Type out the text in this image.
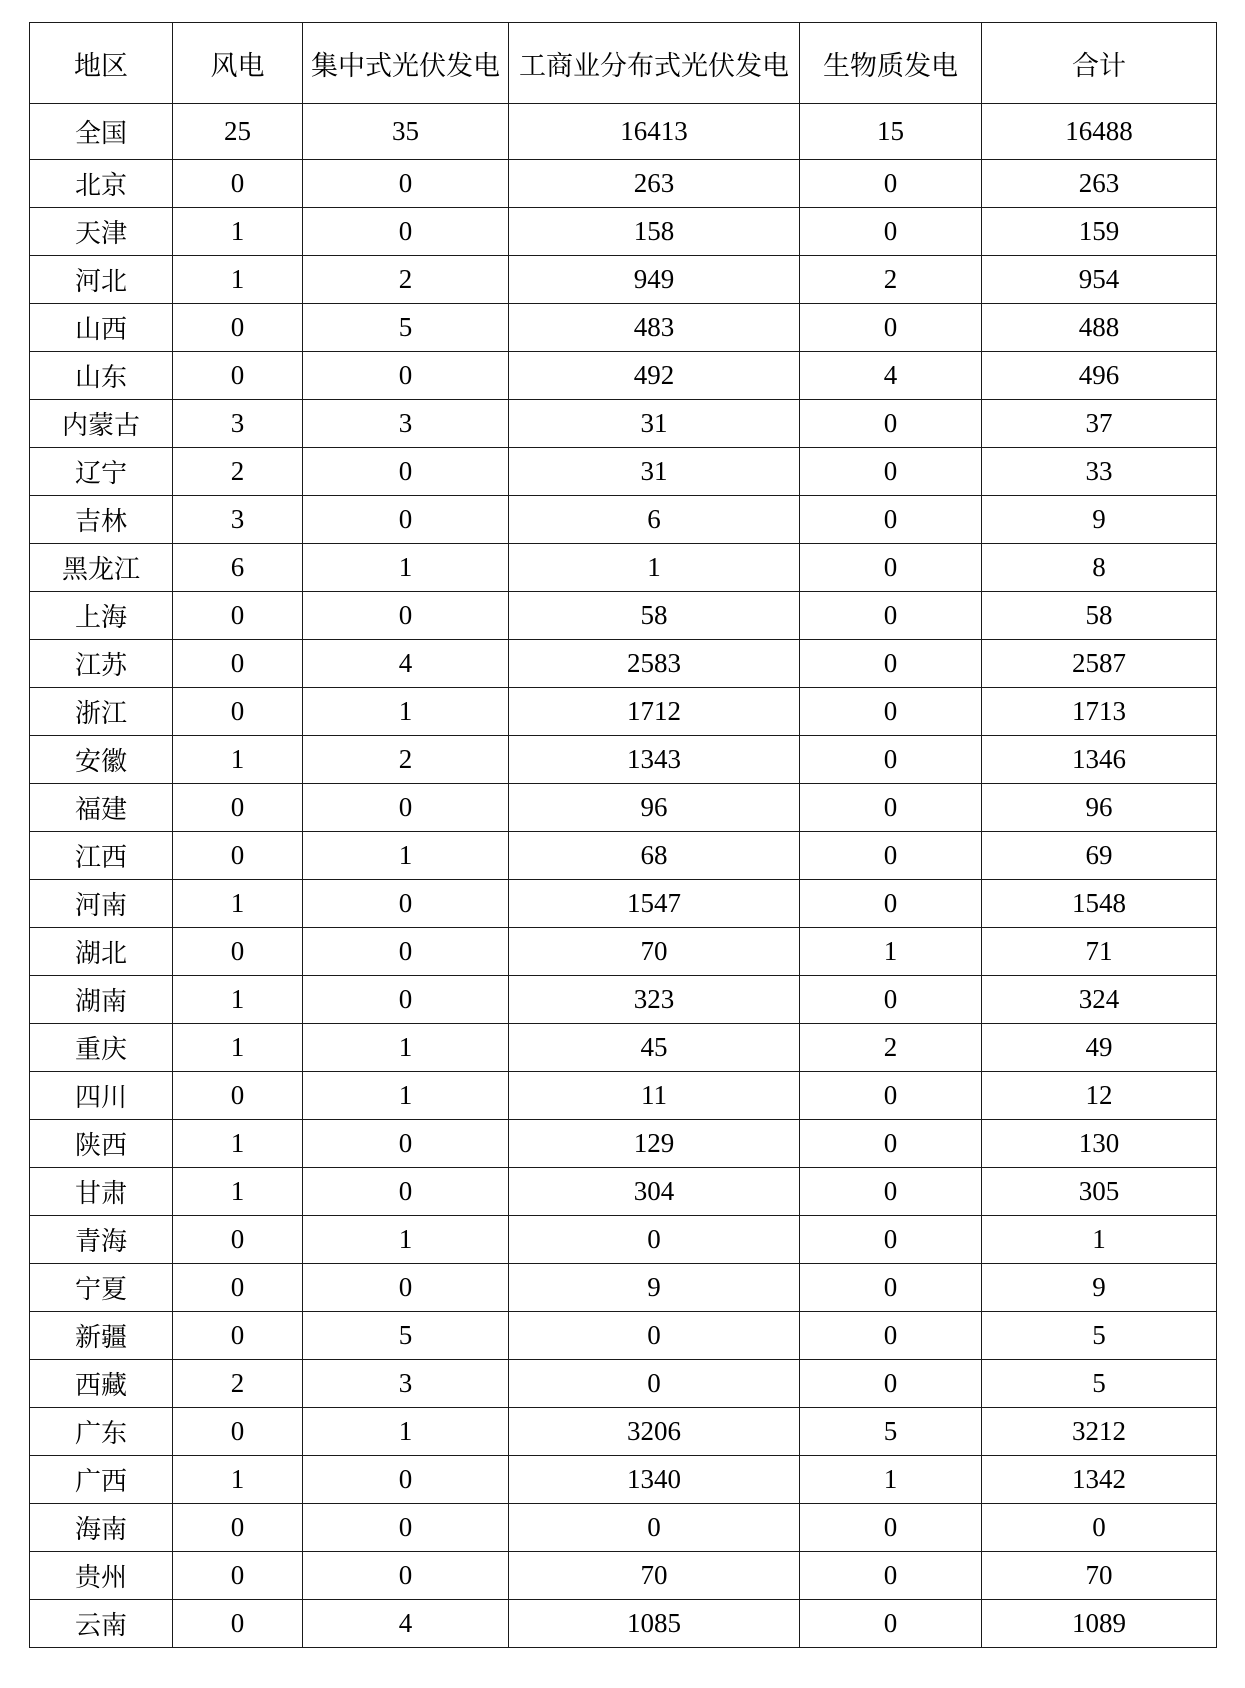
地区	风电	集中式光伏发电	工商业分布式光伏发电	生物质发电	合计
全国	25	35	16413	15	16488
北京	0	0	263	0	263
天津	1	0	158	0	159
河北	1	2	949	2	954
山西	0	5	483	0	488
山东	0	0	492	4	496
内蒙古	3	3	31	0	37
辽宁	2	0	31	0	33
吉林	3	0	6	0	9
黑龙江	6	1	1	0	8
上海	0	0	58	0	58
江苏	0	4	2583	0	2587
浙江	0	1	1712	0	1713
安徽	1	2	1343	0	1346
福建	0	0	96	0	96
江西	0	1	68	0	69
河南	1	0	1547	0	1548
湖北	0	0	70	1	71
湖南	1	0	323	0	324
重庆	1	1	45	2	49
四川	0	1	11	0	12
陕西	1	0	129	0	130
甘肃	1	0	304	0	305
青海	0	1	0	0	1
宁夏	0	0	9	0	9
新疆	0	5	0	0	5
西藏	2	3	0	0	5
广东	0	1	3206	5	3212
广西	1	0	1340	1	1342
海南	0	0	0	0	0
贵州	0	0	70	0	70
云南	0	4	1085	0	1089
